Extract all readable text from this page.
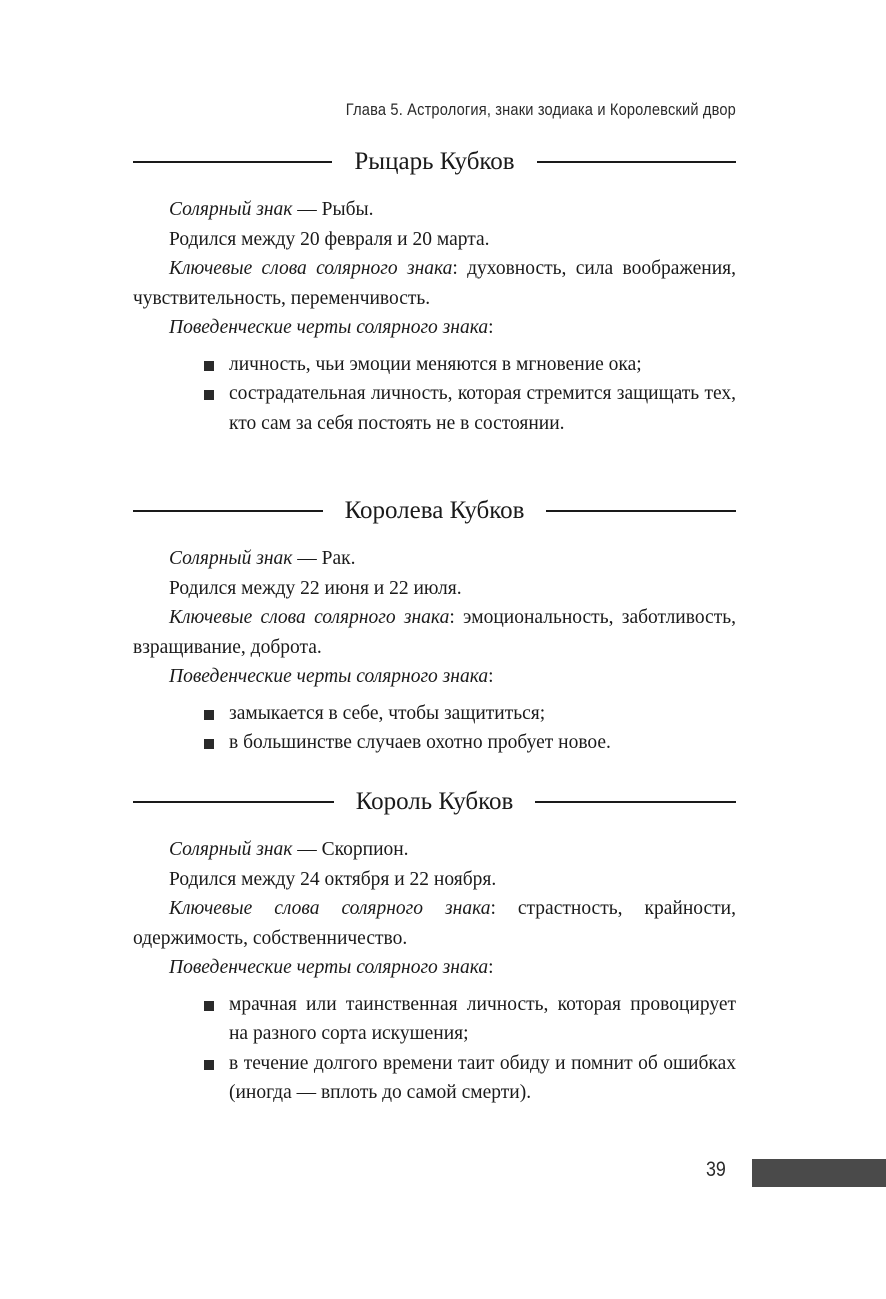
Глава 5. Астрология, знаки зодиака и Королевский двор
Рыцарь Кубков

Солярный знак — Рыбы.

Родился между 20 февраля и 20 марта.

Ключевые слова солярного знака: духовность, сила воображения, чувствительность, переменчивость.

Поведенческие черты солярного знака:

личность, чьи эмоции меняются в мгновение ока;
сострадательная личность, которая стремится защищать тех, кто сам за себя постоять не в состоянии.
Королева Кубков

Солярный знак — Рак.

Родился между 22 июня и 22 июля.

Ключевые слова солярного знака: эмоциональность, заботливость, взращивание, доброта.

Поведенческие черты солярного знака:

замыкается в себе, чтобы защититься;
в большинстве случаев охотно пробует новое.
Король Кубков

Солярный знак — Скорпион.

Родился между 24 октября и 22 ноября.

Ключевые слова солярного знака: страстность, крайности, одержимость, собственничество.

Поведенческие черты солярного знака:

мрачная или таинственная личность, которая провоцирует на разного сорта искушения;
в течение долгого времени таит обиду и помнит об ошибках (иногда — вплоть до самой смерти).
39
